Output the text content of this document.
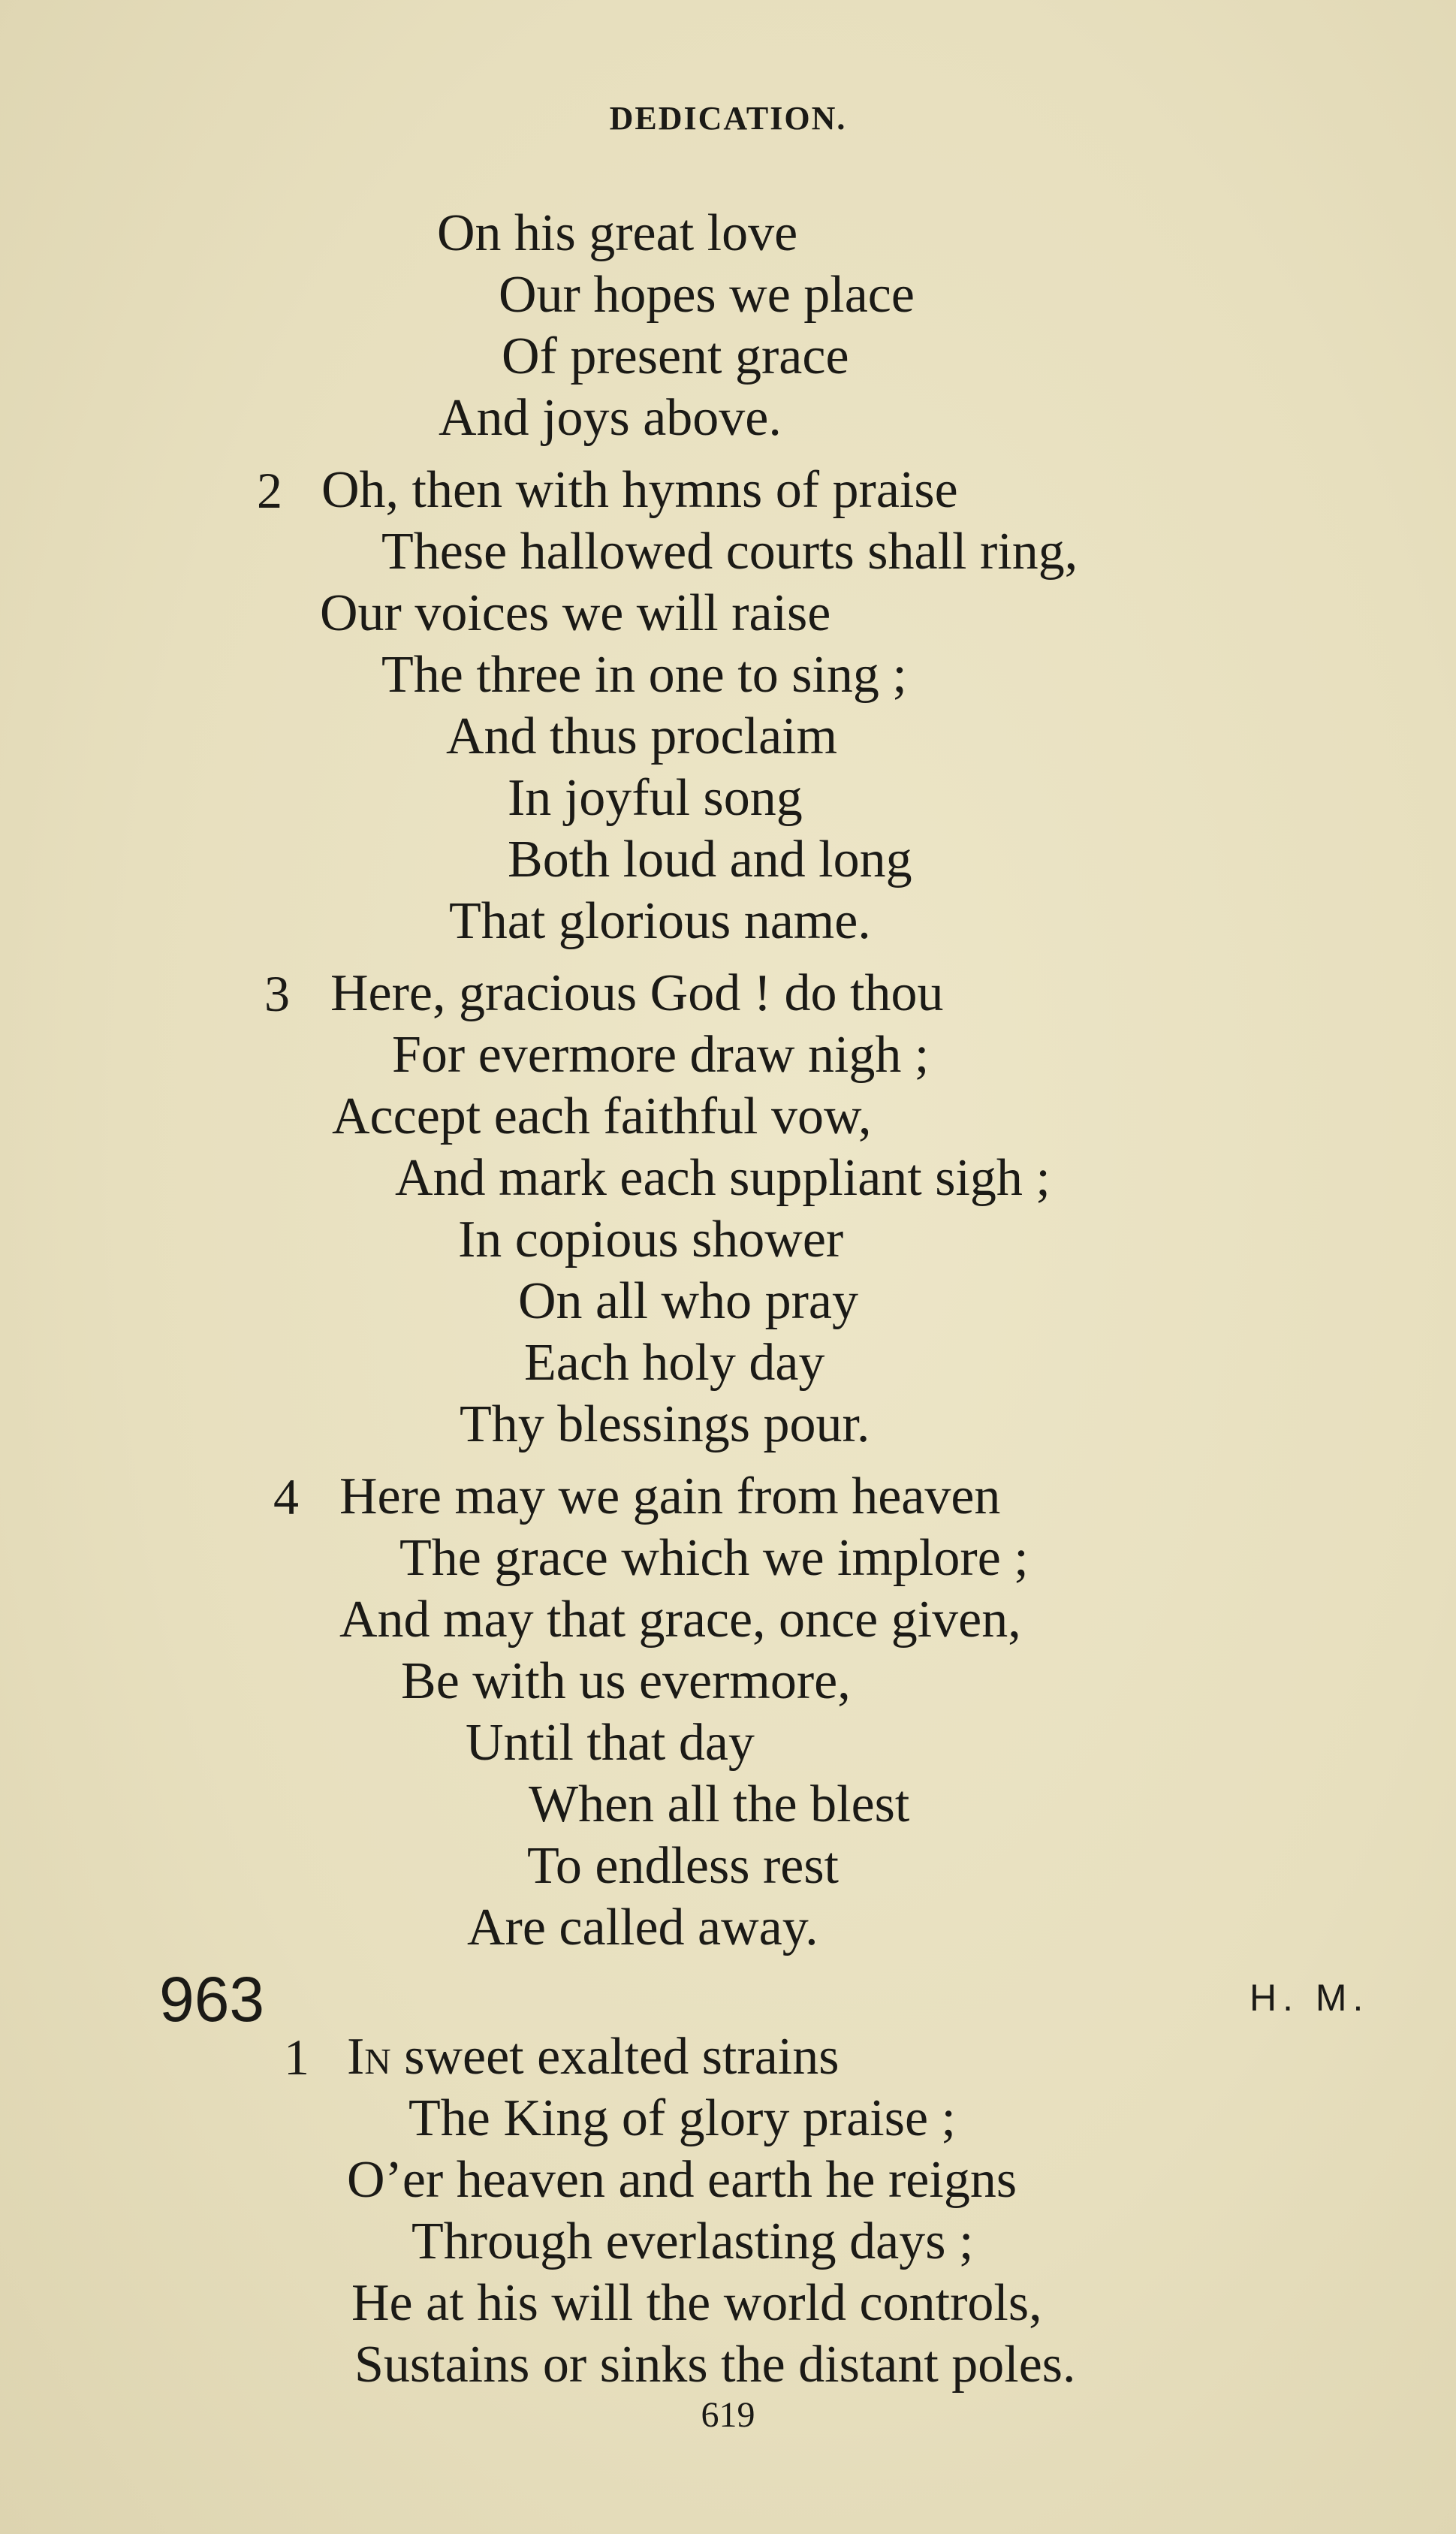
DEDICATION.
On his great love
Our hopes we place
Of present grace
And joys above.
2 Oh, then with hymns of praise
These hallowed courts shall ring,
Our voices we will raise
The three in one to sing ;
And thus proclaim
In joyful song
Both loud and long
That glorious name.
3 Here, gracious God ! do thou
For evermore draw nigh ;
Accept each faithful vow,
And mark each suppliant sigh ;
In copious shower
On all who pray
Each holy day
Thy blessings pour.
4 Here may we gain from heaven
The grace which we implore ;
And may that grace, once given,
Be with us evermore,
Until that day
When all the blest
To endless rest
Are called away.
963	H. M.
1 In sweet exalted strains
The King of glory praise ;
O’er heaven and earth he reigns
Through everlasting days ;
He at his will the world controls,
Sustains or sinks the distant poles.
619
